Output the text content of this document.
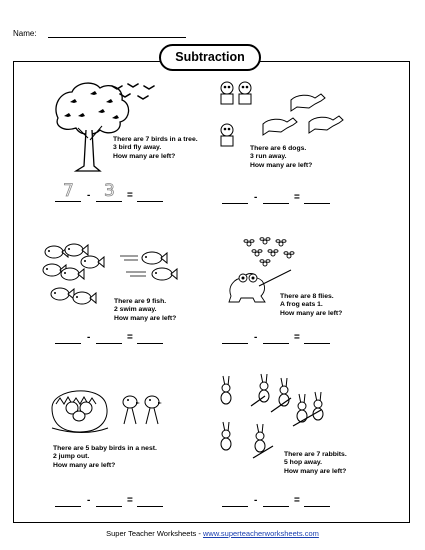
Name:
Subtraction
There are 7 birds in a tree.
3 bird fly away.
How many are left?
7 - 3 =
There are 6 dogs.
3 run away.
How many are left?
-	=
There are 9 fish.
2 swim away.
How many are left?
-	=
There are 8 flies.
A frog eats 1.
How many are left?
-	=
There are 5 baby birds in a nest.
2 jump out.
How many are left?
-	=
There are 7 rabbits.
5 hop away.
How many are left?
-	=
Super Teacher Worksheets - www.superteacherworksheets.com
